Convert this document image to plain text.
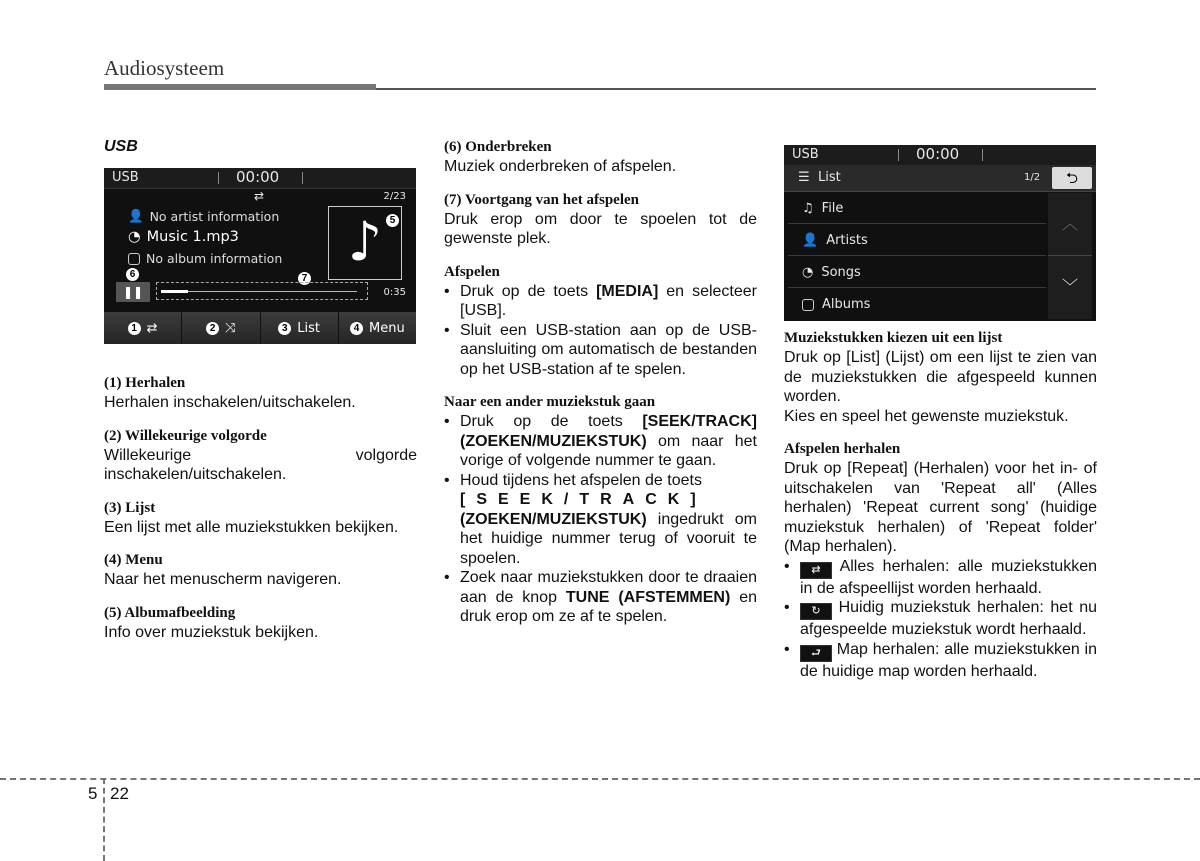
Audiosysteem

USB

USB	00:00
⇄	2/23
👤 No artist information
◔ Music 1.mp3
No album information	♪ 5
6	7
❚❚	0:35
1 ⇄	2 ⤨	3 List	4 Menu

(1) Herhalen

Herhalen inschakelen/uitschakelen.

(2) Willekeurige volgorde

Willekeurige volgorde inschakelen/uitschakelen.

(3) Lijst

Een lijst met alle muziekstukken bekijken.

(4) Menu

Naar het menuscherm navigeren.

(5) Albumafbeelding

Info over muziekstuk bekijken.

(6) Onderbreken

Muziek onderbreken of afspelen.

(7) Voortgang van het afspelen

Druk erop om door te spoelen tot de gewenste plek.

Afspelen

• Druk op de toets [MEDIA] en selecteer [USB].
• Sluit een USB-station aan op de USB-aansluiting om automatisch de bestanden op het USB-station af te spelen.

Naar een ander muziekstuk gaan

• Druk op de toets [SEEK/TRACK] (ZOEKEN/MUZIEKSTUK) om naar het vorige of volgende nummer te gaan.
• Houd tijdens het afspelen de toets
[SEEK/TRACK]
(ZOEKEN/MUZIEKSTUK) ingedrukt om het huidige nummer terug of vooruit te spoelen.
• Zoek naar muziekstukken door te draaien aan de knop TUNE (AFSTEMMEN) en druk erop om ze af te spelen.
USB	00:00
☰ List	1/2	⮌
♫ File
👤 Artists
◔ Songs
Albums
︿
﹀

Muziekstukken kiezen uit een lijst

Druk op [List] (Lijst) om een lijst te zien van de muziekstukken die afgespeeld kunnen worden.

Kies en speel het gewenste muziekstuk.

Afspelen herhalen

Druk op [Repeat] (Herhalen) voor het in- of uitschakelen van 'Repeat all' (Alles herhalen) 'Repeat current song' (huidige muziekstuk herhalen) of 'Repeat folder' (Map herhalen).

•	⇄ Alles herhalen: alle muziekstukken in de afspeellijst worden herhaald.
•	↻ Huidig muziekstuk herhalen: het nu afgespeelde muziekstuk wordt herhaald.
•	⮐ Map herhalen: alle muziekstukken in de huidige map worden herhaald.
5 22
